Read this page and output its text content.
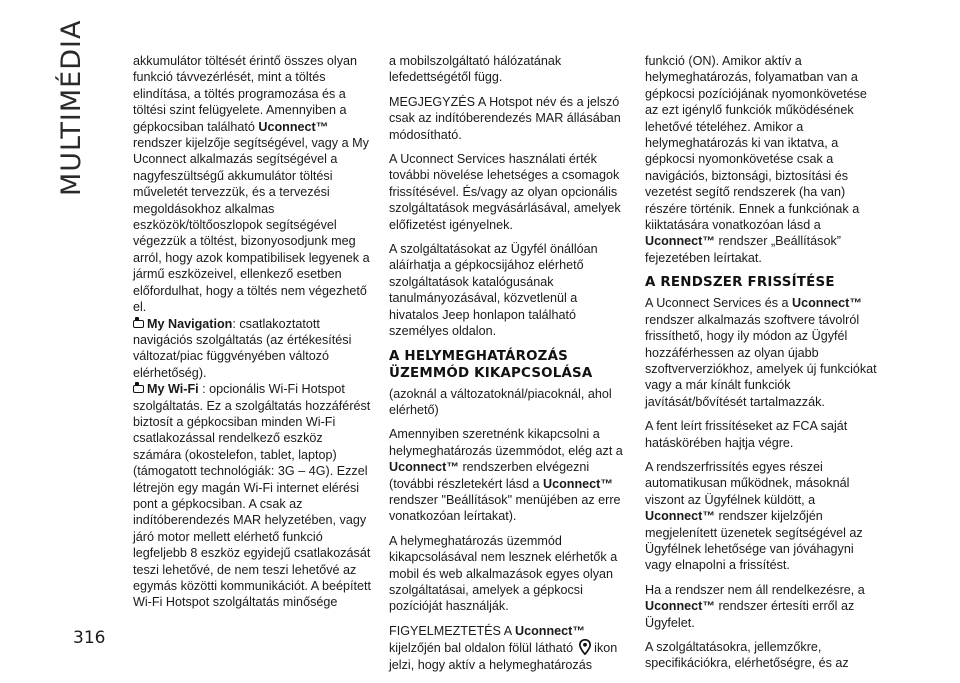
MULTIMÉDIA	akkumulátor töltését érintő összes olyan funkció távvezérlését, mint a töltés elindítása, a töltés programozása és a töltési szint felügyelete. Amennyiben a gépkocsiban található Uconnect™ rendszer kijelzője segítségével, vagy a My Uconnect alkalmazás segítségével a nagyfeszültségű akkumulátor töltési műveletét tervezzük, és a tervezési megoldásokhoz alkalmas eszközök/töltőoszlopok segítségével végezzük a töltést, bizonyosodjunk meg arról, hogy azok kompatibilisek legyenek a jármű eszközeivel, ellenkező esetben előfordulhat, hogy a töltés nem végezhető el.

My Navigation: csatlakoztatott navigációs szolgáltatás (az értékesítési változat/piac függvényében változó elérhetőség).

My Wi-Fi : opcionális Wi-Fi Hotspot szolgáltatás. Ez a szolgáltatás hozzáférést biztosít a gépkocsiban minden Wi-Fi csatlakozással rendelkező eszköz számára (okostelefon, tablet, laptop) (támogatott technológiák: 3G – 4G). Ezzel létrejön egy magán Wi-Fi internet elérési pont a gépkocsiban. A csak az indítóberendezés MAR helyzetében, vagy járó motor mellett elérhető funkció legfeljebb 8 eszköz egyidejű csatlakozását teszi lehetővé, de nem teszi lehetővé az egymás közötti kommunikációt. A beépített Wi-Fi Hotspot szolgáltatás minősége

a mobilszolgáltató hálózatának lefedettségétől függ.

MEGJEGYZÉS A Hotspot név és a jelszó csak az indítóberendezés MAR állásában módosítható.

A Uconnect Services használati érték további növelése lehetséges a csomagok frissítésével. És/vagy az olyan opcionális szolgáltatások megvásárlásával, amelyek előfizetést igényelnek.

A szolgáltatásokat az Ügyfél önállóan aláírhatja a gépkocsijához elérhető szolgáltatások katalógusának tanulmányozásával, közvetlenül a hivatalos Jeep honlapon található személyes oldalon.

A HELYMEGHATÁROZÁS ÜZEMMÓD KIKAPCSOLÁSA

(azoknál a változatoknál/piacoknál, ahol elérhető)

Amennyiben szeretnénk kikapcsolni a helymeghatározás üzemmódot, elég azt a Uconnect™ rendszerben elvégezni (további részletekért lásd a Uconnect™ rendszer "Beállítások" menüjében az erre vonatkozóan leírtakat).

A helymeghatározás üzemmód kikapcsolásával nem lesznek elérhetők a mobil és web alkalmazások egyes olyan szolgáltatásai, amelyek a gépkocsi pozícióját használják.

FIGYELMEZTETÉS A Uconnect™ kijelzőjén bal oldalon fölül látható  ikon jelzi, hogy aktív a helymeghatározás

funkció (ON). Amikor aktív a helymeghatározás, folyamatban van a gépkocsi pozíciójának nyomonkövetése az ezt igénylő funkciók működésének lehetővé tételéhez. Amikor a helymeghatározás ki van iktatva, a gépkocsi nyomonkövetése csak a navigációs, biztonsági, biztosítási és vezetést segítő rendszerek (ha van) részére történik. Ennek a funkciónak a kiiktatására vonatkozóan lásd a Uconnect™ rendszer „Beállítások” fejezetében leírtakat.

A RENDSZER FRISSÍTÉSE

A Uconnect Services és a Uconnect™ rendszer alkalmazás szoftvere távolról frissíthető, hogy ily módon az Ügyfél hozzáférhessen az olyan újabb szoftververziókhoz, amelyek új funkciókat vagy a már kínált funkciók javítását/bővítését tartalmazzák.

A fent leírt frissítéseket az FCA saját hatáskörében hajtja végre.

A rendszerfrissítés egyes részei automatikusan működnek, másoknál viszont az Ügyfélnek küldött, a Uconnect™ rendszer kijelzőjén megjelenített üzenetek segítségével az Ügyfélnek lehetősége van jóváhagyni vagy elnapolni a frissítést.

Ha a rendszer nem áll rendelkezésre, a Uconnect™ rendszer értesíti erről az Ügyfelet.

A szolgáltatásokra, jellemzőkre, specifikációkra, elérhetőségre, és az

316
